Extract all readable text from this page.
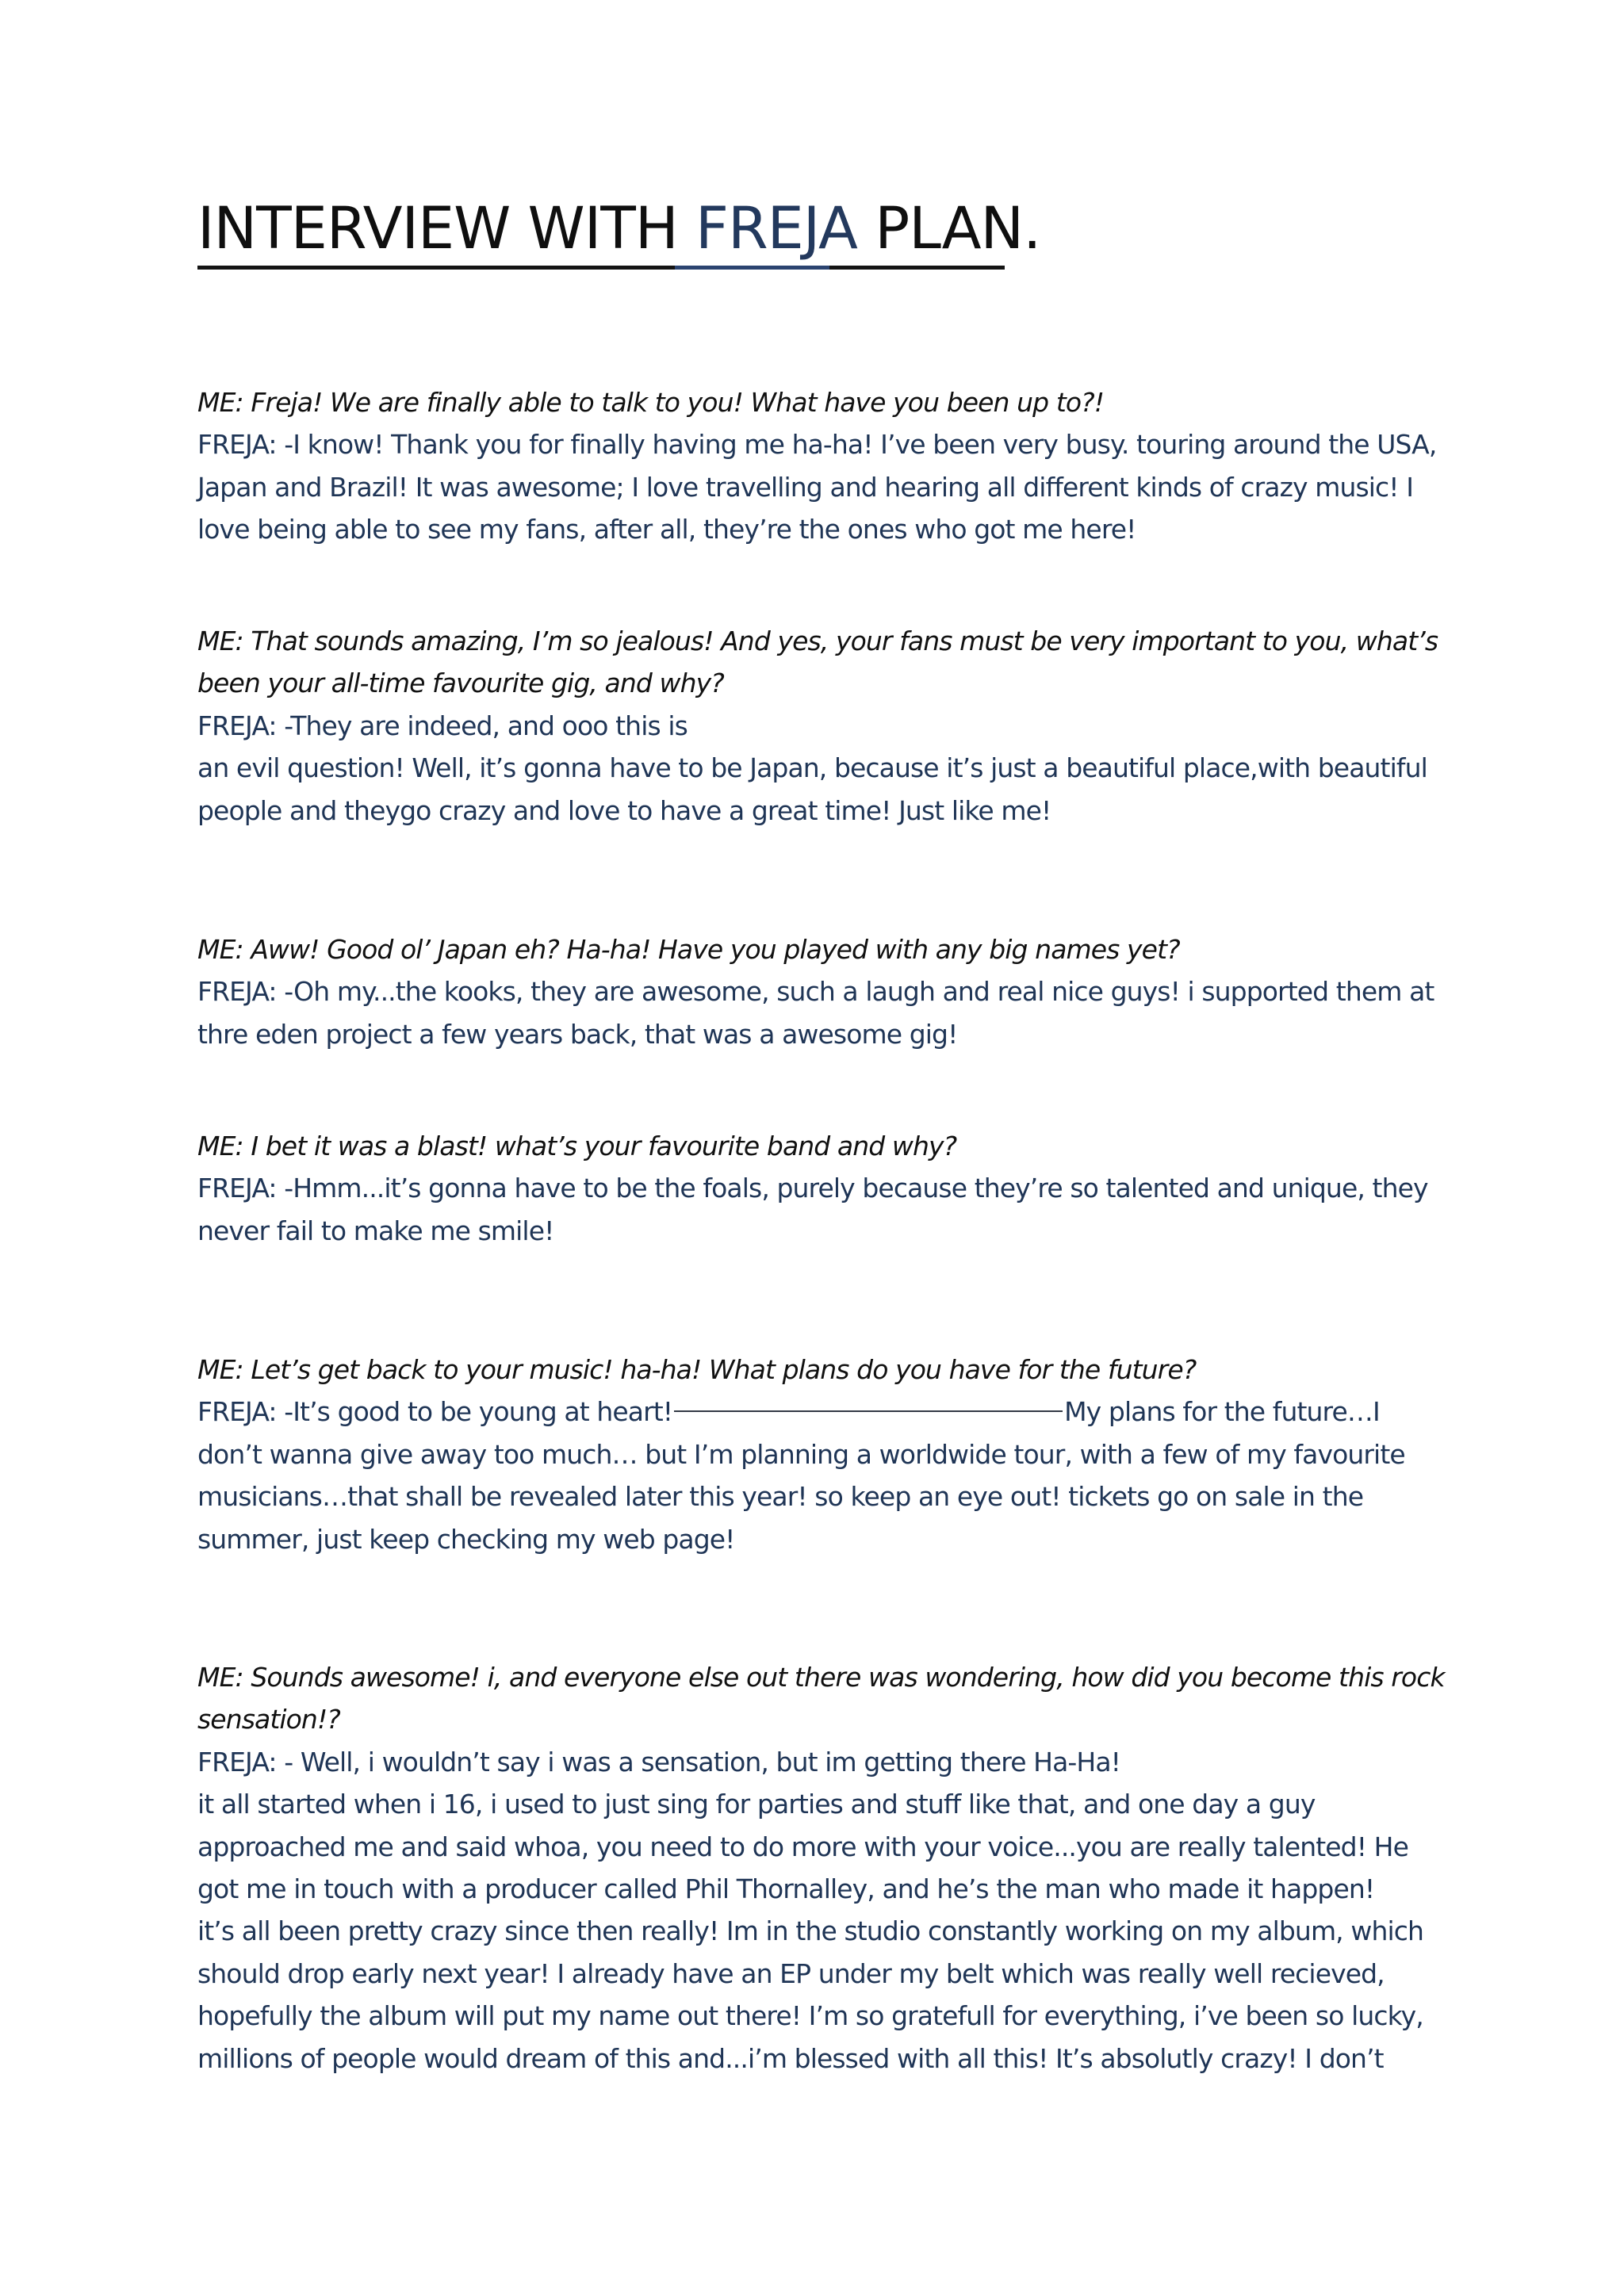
INTERVIEW WITH FREJA PLAN.
ME: Freja! We are finally able to talk to you! What have you been up to?!
FREJA: -I know! Thank you for finally having me ha-ha! I’ve been very busy. touring around the USA,
Japan and Brazil! It was awesome; I love travelling and hearing all different kinds of crazy music! I
love being able to see my fans, after all, they’re the ones who got me here!
ME: That sounds amazing, I’m so jealous! And yes, your fans must be very important to you, what’s
been your all-time favourite gig, and why?
FREJA: -They are indeed, and ooo this is
an evil question! Well, it’s gonna have to be Japan, because it’s just a beautiful place,with beautiful
people and theygo crazy and love to have a great time! Just like me!
ME: Aww! Good ol’ Japan eh? Ha-ha! Have you played with any big names yet?
FREJA: -Oh my...the kooks, they are awesome, such a laugh and real nice guys! i supported them at
thre eden project a few years back, that was a awesome gig!
ME: I bet it was a blast! what’s your favourite band and why?
FREJA: -Hmm...it’s gonna have to be the foals, purely because they’re so talented and unique, they
never fail to make me smile!
ME: Let’s get back to your music! ha-ha! What plans do you have for the future?
FREJA: -It’s good to be young at heart!	My plans for the future…I
don’t wanna give away too much… but I’m planning a worldwide tour, with a few of my favourite
musicians…that shall be revealed later this year! so keep an eye out! tickets go on sale in the
summer, just keep checking my web page!
ME: Sounds awesome! i, and everyone else out there was wondering, how did you become this rock
sensation!?
FREJA: - Well, i wouldn’t say i was a sensation, but im getting there Ha-Ha!
it all started when i 16, i used to just sing for parties and stuff like that, and one day a guy
approached me and said whoa, you need to do more with your voice...you are really talented! He
got me in touch with a producer called Phil Thornalley, and he’s the man who made it happen!
it’s all been pretty crazy since then really! Im in the studio constantly working on my album, which
should drop early next year! I already have an EP under my belt which was really well recieved,
hopefully the album will put my name out there! I’m so gratefull for everything, i’ve been so lucky,
millions of people would dream of this and...i’m blessed with all this! It’s absolutly crazy! I don’t
